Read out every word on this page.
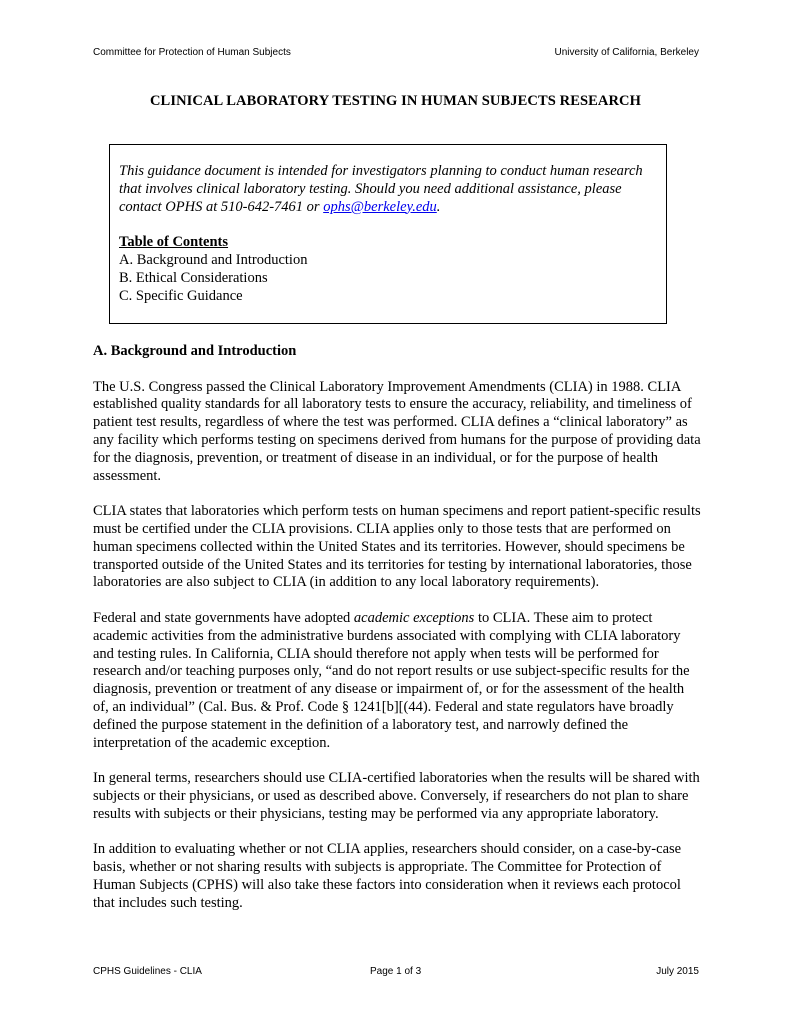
Committee for Protection of Human Subjects	University of California, Berkeley
CLINICAL LABORATORY TESTING IN HUMAN SUBJECTS RESEARCH

This guidance document is intended for investigators planning to conduct human research that involves clinical laboratory testing. Should you need additional assistance, please contact OPHS at 510-642-7461 or ophs@berkeley.edu.

Table of Contents
A. Background and Introduction
B. Ethical Considerations
C. Specific Guidance
A. Background and Introduction

The U.S. Congress passed the Clinical Laboratory Improvement Amendments (CLIA) in 1988. CLIA established quality standards for all laboratory tests to ensure the accuracy, reliability, and timeliness of patient test results, regardless of where the test was performed. CLIA defines a “clinical laboratory” as any facility which performs testing on specimens derived from humans for the purpose of providing data for the diagnosis, prevention, or treatment of disease in an individual, or for the purpose of health assessment.

CLIA states that laboratories which perform tests on human specimens and report patient-specific results must be certified under the CLIA provisions. CLIA applies only to those tests that are performed on human specimens collected within the United States and its territories. However, should specimens be transported outside of the United States and its territories for testing by international laboratories, those laboratories are also subject to CLIA (in addition to any local laboratory requirements).

Federal and state governments have adopted academic exceptions to CLIA. These aim to protect academic activities from the administrative burdens associated with complying with CLIA laboratory and testing rules. In California, CLIA should therefore not apply when tests will be performed for research and/or teaching purposes only, “and do not report results or use subject-specific results for the diagnosis, prevention or treatment of any disease or impairment of, or for the assessment of the health of, an individual” (Cal. Bus. & Prof. Code § 1241[b][(44). Federal and state regulators have broadly defined the purpose statement in the definition of a laboratory test, and narrowly defined the interpretation of the academic exception.

In general terms, researchers should use CLIA-certified laboratories when the results will be shared with subjects or their physicians, or used as described above. Conversely, if researchers do not plan to share results with subjects or their physicians, testing may be performed via any appropriate laboratory.

In addition to evaluating whether or not CLIA applies, researchers should consider, on a case-by-case basis, whether or not sharing results with subjects is appropriate. The Committee for Protection of Human Subjects (CPHS) will also take these factors into consideration when it reviews each protocol that includes such testing.

CPHS Guidelines - CLIA	Page 1 of 3	July 2015
